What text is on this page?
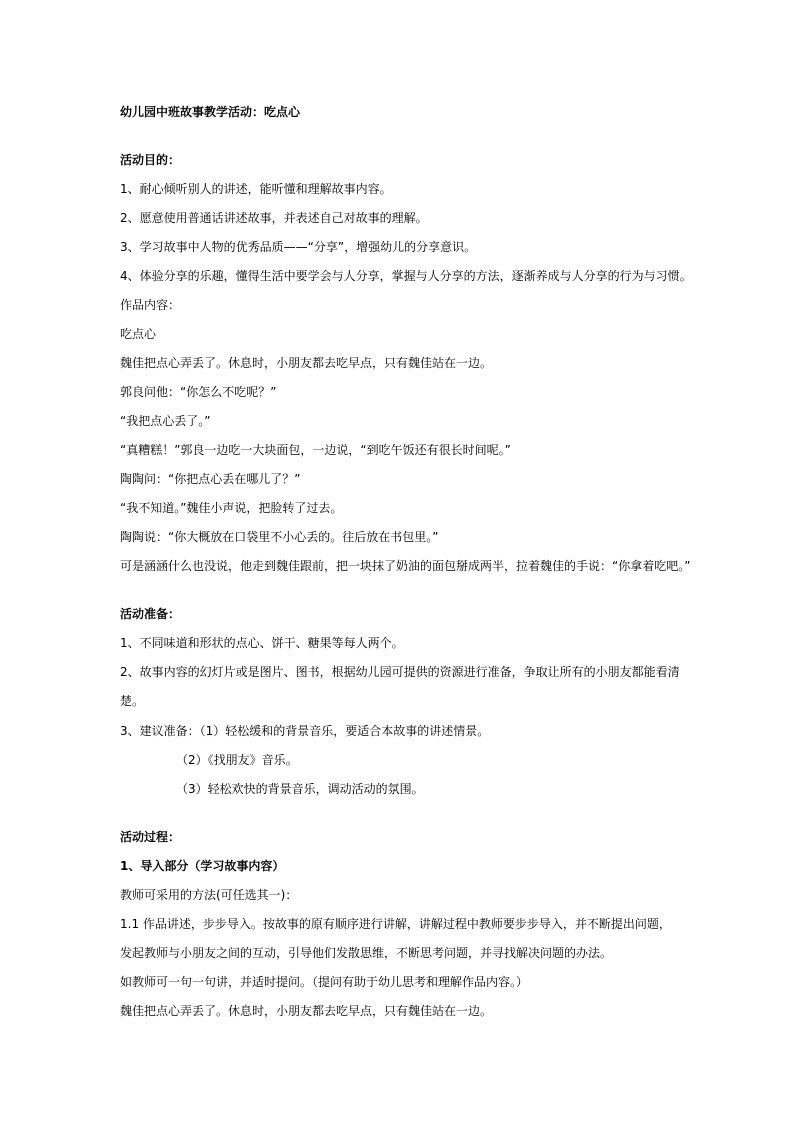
幼儿园中班故事教学活动：吃点心
活动目的：
1、耐心倾听别人的讲述，能听懂和理解故事内容。
2、愿意使用普通话讲述故事，并表述自己对故事的理解。
3、学习故事中人物的优秀品质——“分享”，增强幼儿的分享意识。
4、体验分享的乐趣，懂得生活中要学会与人分享，掌握与人分享的方法，逐渐养成与人分享的行为与习惯。
作品内容：
吃点心
魏佳把点心弄丢了。休息时，小朋友都去吃早点，只有魏佳站在一边。
郭良问他：“你怎么不吃呢？”
“我把点心丢了。”
“真糟糕！”郭良一边吃一大块面包，一边说，“到吃午饭还有很长时间呢。”
陶陶问：“你把点心丢在哪儿了？”
“我不知道。”魏佳小声说，把脸转了过去。
陶陶说：“你大概放在口袋里不小心丢的。往后放在书包里。”
可是涵涵什么也没说，他走到魏佳跟前，把一块抹了奶油的面包掰成两半，拉着魏佳的手说：“你拿着吃吧。”
活动准备：
1、不同味道和形状的点心、饼干、糖果等每人两个。
2、故事内容的幻灯片或是图片、图书，根据幼儿园可提供的资源进行准备，争取让所有的小朋友都能看清
楚。
3、建议准备：（1）轻松缓和的背景音乐，要适合本故事的讲述情景。
（2）《找朋友》音乐。
（3）轻松欢快的背景音乐，调动活动的氛围。
活动过程：
1、导入部分（学习故事内容）
教师可采用的方法(可任选其一)：
1.1 作品讲述，步步导入。按故事的原有顺序进行讲解，讲解过程中教师要步步导入，并不断提出问题，
发起教师与小朋友之间的互动，引导他们发散思维，不断思考问题，并寻找解决问题的办法。
如教师可一句一句讲，并适时提问。（提问有助于幼儿思考和理解作品内容。）
魏佳把点心弄丢了。休息时，小朋友都去吃早点，只有魏佳站在一边。
